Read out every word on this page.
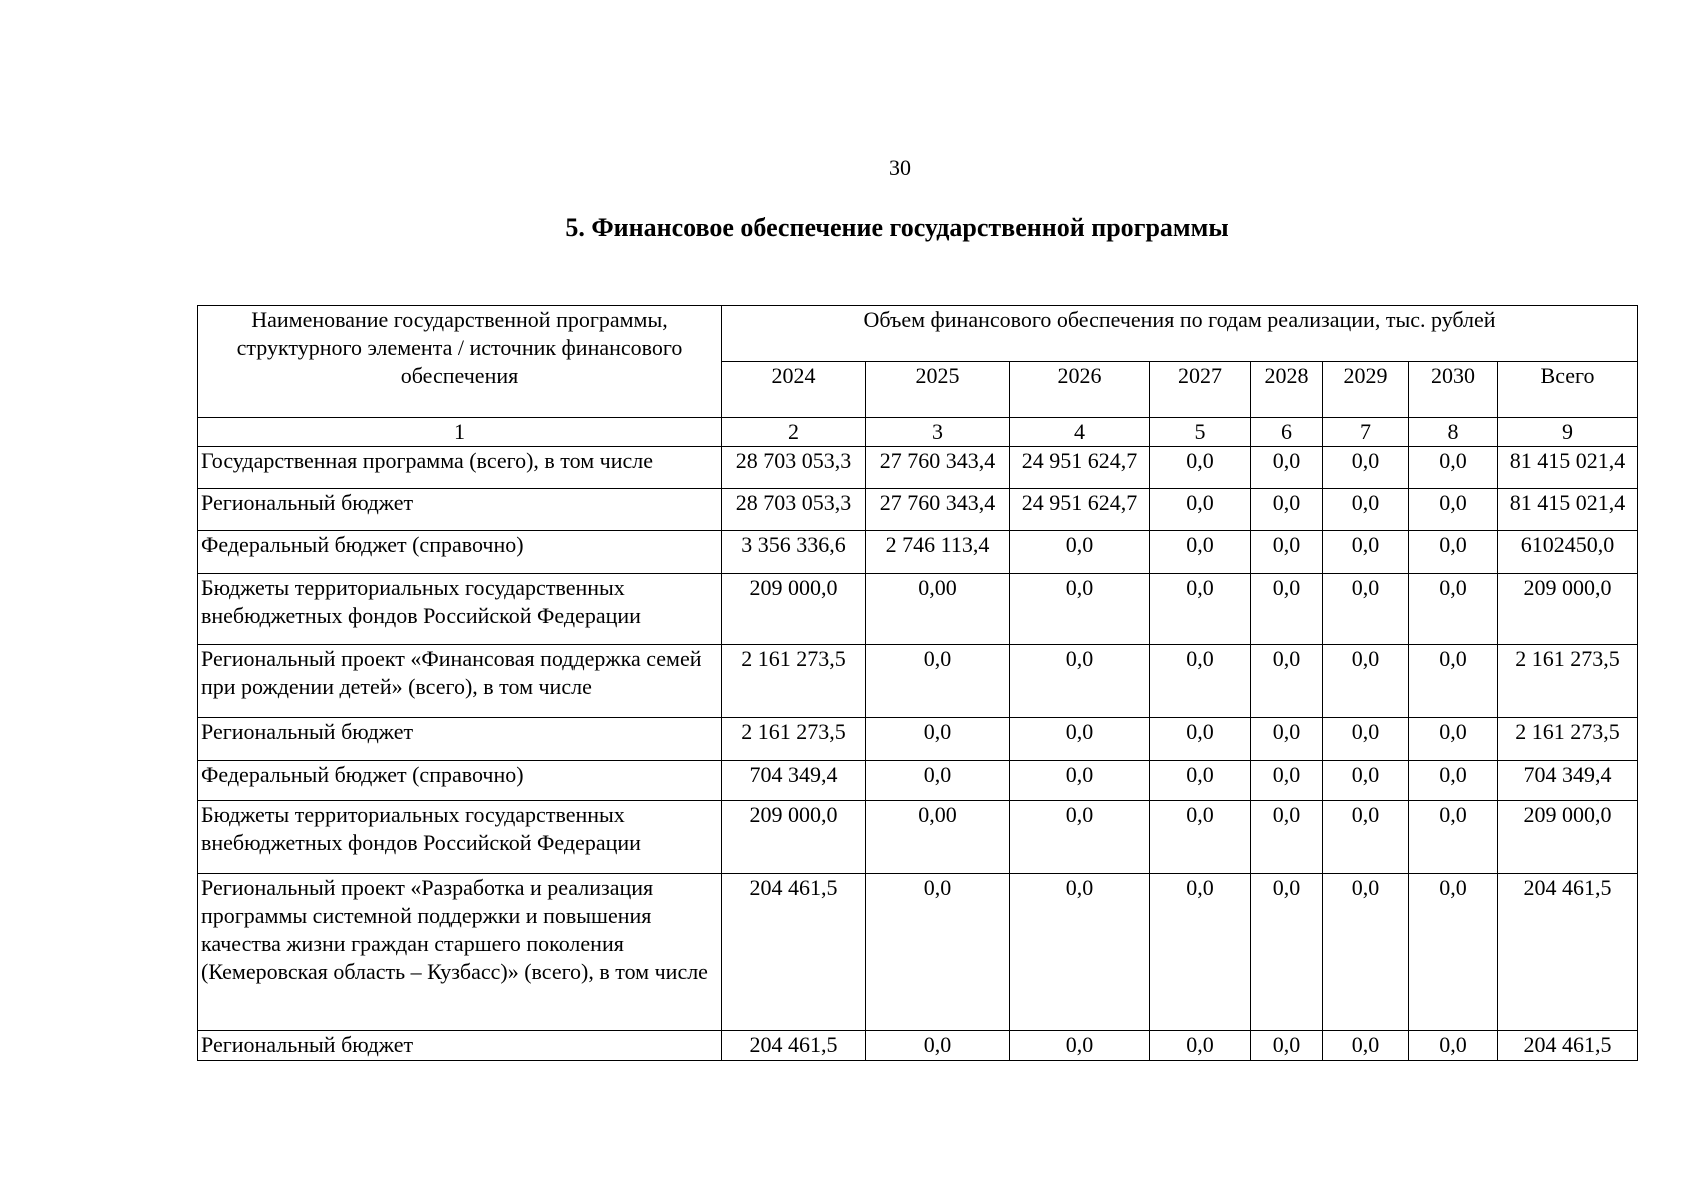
30
5. Финансовое обеспечение государственной программы
Наименование государственной программы, структурного элемента / источник финансового обеспечения	Объем финансового обеспечения по годам реализации, тыс. рублей							
	2024	2025	2026	2027	2028	2029	2030	Всего
1	2	3	4	5	6	7	8	9
Государственная программа (всего), в том числе	28 703 053,3	27 760 343,4	24 951 624,7	0,0	0,0	0,0	0,0	81 415 021,4
Региональный бюджет	28 703 053,3	27 760 343,4	24 951 624,7	0,0	0,0	0,0	0,0	81 415 021,4
Федеральный бюджет (справочно)	3 356 336,6	2 746 113,4	0,0	0,0	0,0	0,0	0,0	6102450,0
Бюджеты территориальных государственных внебюджетных фондов Российской Федерации	209 000,0	0,00	0,0	0,0	0,0	0,0	0,0	209 000,0
Региональный проект «Финансовая поддержка семей при рождении детей» (всего), в том числе	2 161 273,5	0,0	0,0	0,0	0,0	0,0	0,0	2 161 273,5
Региональный бюджет	2 161 273,5	0,0	0,0	0,0	0,0	0,0	0,0	2 161 273,5
Федеральный бюджет (справочно)	704 349,4	0,0	0,0	0,0	0,0	0,0	0,0	704 349,4
Бюджеты территориальных государственных внебюджетных фондов Российской Федерации	209 000,0	0,00	0,0	0,0	0,0	0,0	0,0	209 000,0
Региональный проект «Разработка и реализация программы системной поддержки и повышения качества жизни граждан старшего поколения (Кемеровская область – Кузбасс)» (всего), в том числе	204 461,5	0,0	0,0	0,0	0,0	0,0	0,0	204 461,5
Региональный бюджет	204 461,5	0,0	0,0	0,0	0,0	0,0	0,0	204 461,5
